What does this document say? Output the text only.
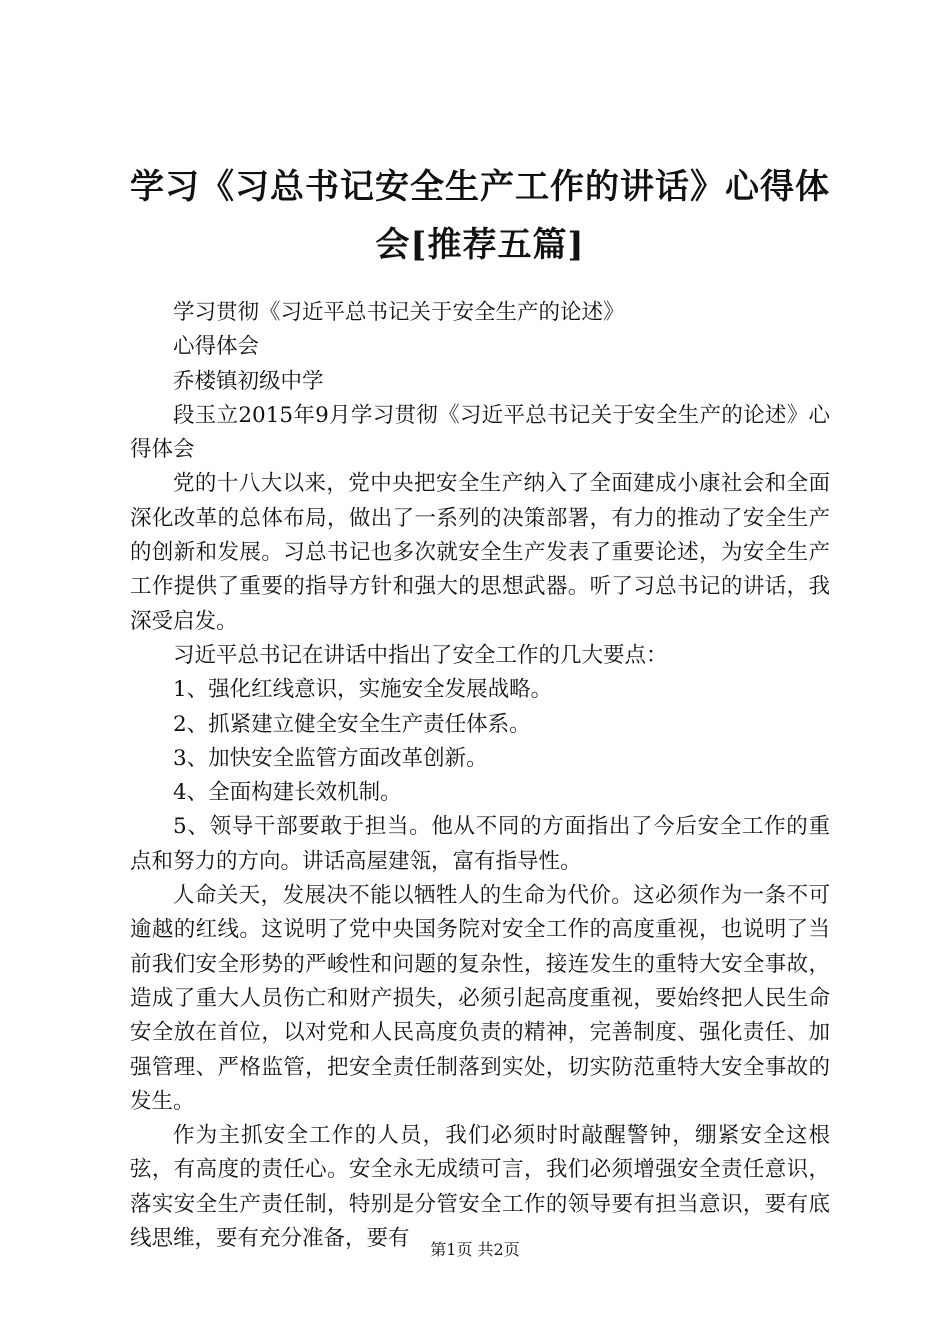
学习《习总书记安全生产工作的讲话》心得体会[推荐五篇]

学习贯彻《习近平总书记关于安全生产的论述》

心得体会

乔楼镇初级中学

段玉立2015年9月学习贯彻《习近平总书记关于安全生产的论述》心得体会

党的十八大以来，党中央把安全生产纳入了全面建成小康社会和全面深化改革的总体布局，做出了一系列的决策部署，有力的推动了安全生产的创新和发展。习总书记也多次就安全生产发表了重要论述，为安全生产工作提供了重要的指导方针和强大的思想武器。听了习总书记的讲话，我深受启发。

习近平总书记在讲话中指出了安全工作的几大要点：

1、强化红线意识，实施安全发展战略。

2、抓紧建立健全安全生产责任体系。

3、加快安全监管方面改革创新。

4、全面构建长效机制。

5、领导干部要敢于担当。他从不同的方面指出了今后安全工作的重点和努力的方向。讲话高屋建瓴，富有指导性。

人命关天，发展决不能以牺牲人的生命为代价。这必须作为一条不可逾越的红线。这说明了党中央国务院对安全工作的高度重视，也说明了当前我们安全形势的严峻性和问题的复杂性，接连发生的重特大安全事故，造成了重大人员伤亡和财产损失，必须引起高度重视，要始终把人民生命安全放在首位，以对党和人民高度负责的精神，完善制度、强化责任、加强管理、严格监管，把安全责任制落到实处，切实防范重特大安全事故的发生。

作为主抓安全工作的人员，我们必须时时敲醒警钟，绷紧安全这根弦，有高度的责任心。安全永无成绩可言，我们必须增强安全责任意识，落实安全生产责任制，特别是分管安全工作的领导要有担当意识，要有底线思维，要有充分准备，要有	第1页 共2页
